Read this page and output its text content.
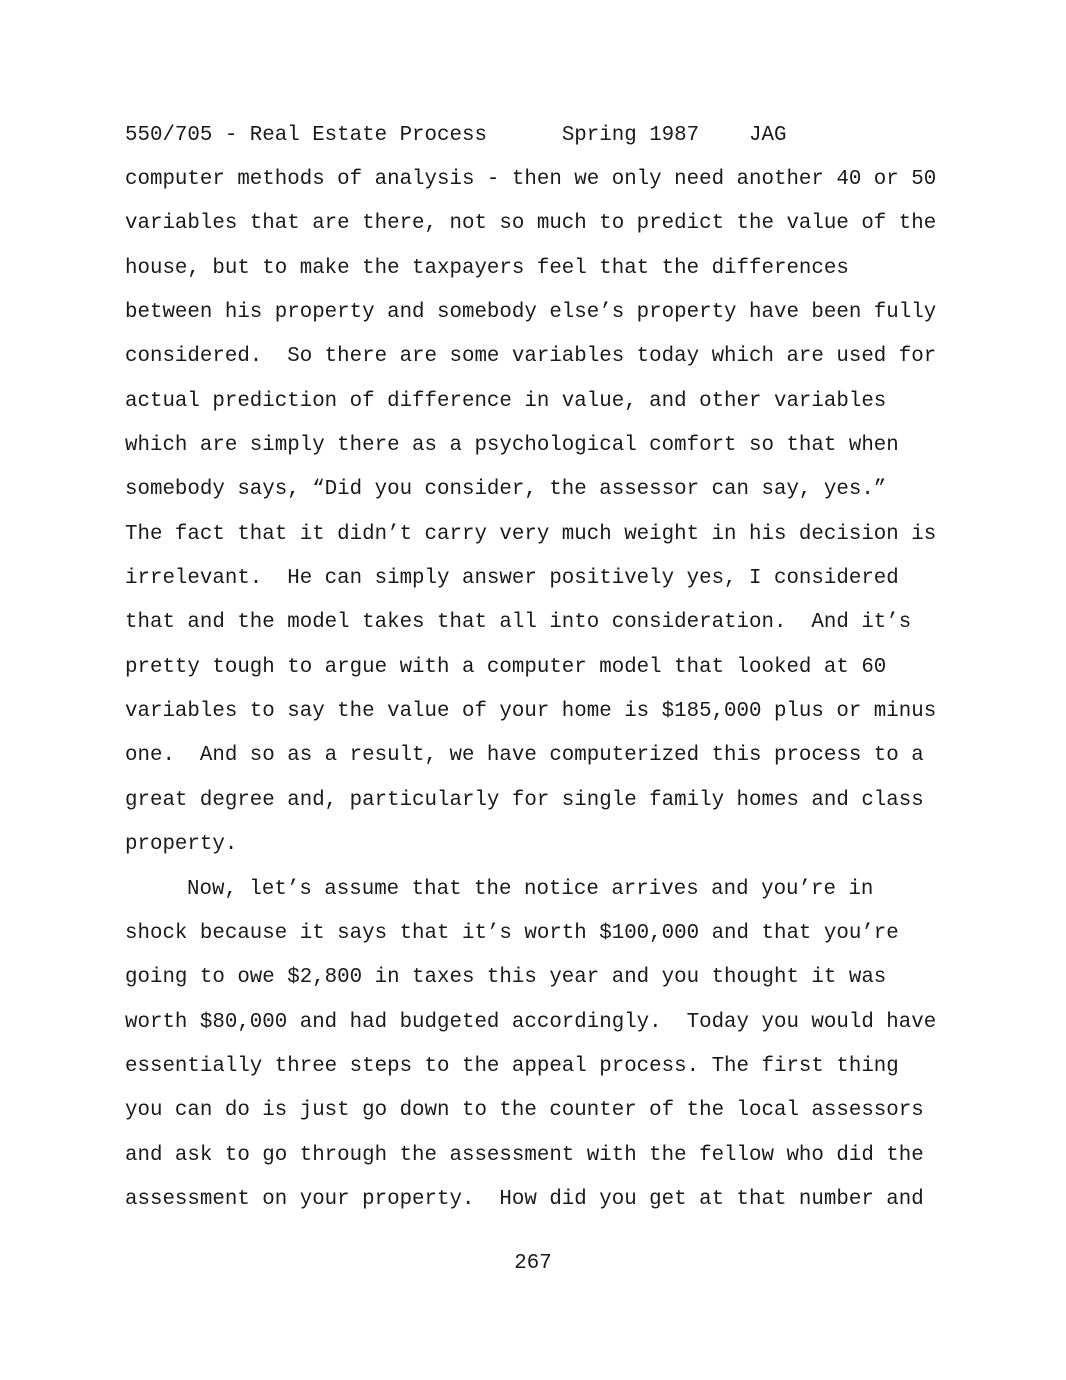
550/705 - Real Estate Process	Spring 1987 JAG
computer methods of analysis - then we only need another 40 or 50
variables that are there, not so much to predict the value of the
house, but to make the taxpayers feel that the differences
between his property and somebody else’s property have been fully
considered.  So there are some variables today which are used for
actual prediction of difference in value, and other variables
which are simply there as a psychological comfort so that when
somebody says, “Did you consider, the assessor can say, yes.”
The fact that it didn’t carry very much weight in his decision is
irrelevant.  He can simply answer positively yes, I considered
that and the model takes that all into consideration.  And it’s
pretty tough to argue with a computer model that looked at 60
variables to say the value of your home is $185,000 plus or minus
one.  And so as a result, we have computerized this process to a
great degree and, particularly for single family homes and class
property.
Now, let’s assume that the notice arrives and you’re in
shock because it says that it’s worth $100,000 and that you’re
going to owe $2,800 in taxes this year and you thought it was
worth $80,000 and had budgeted accordingly.  Today you would have
essentially three steps to the appeal process. The first thing
you can do is just go down to the counter of the local assessors
and ask to go through the assessment with the fellow who did the
assessment on your property.  How did you get at that number and
267
